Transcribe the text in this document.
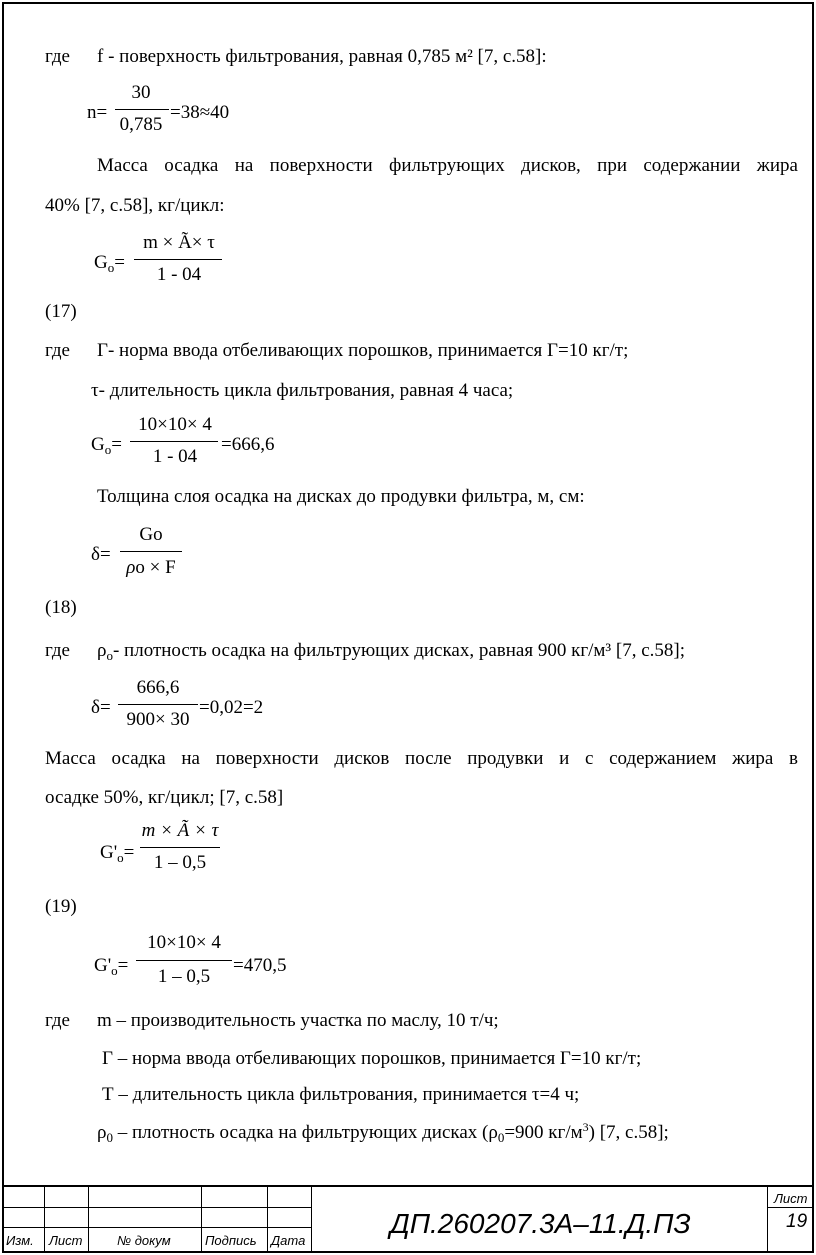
где f - поверхность фильтрования, равная 0,785 м² [7, с.58]:
n=
30
0,785
=38≈40
Масса осадка на поверхности фильтрующих дисков, при содержании жира
40% [7, с.58], кг/цикл:
$G_о=$
m × Ã× τ
1 - 04
(17)
где Г- норма ввода отбеливающих порошков, принимается Г=10 кг/т;
τ- длительность цикла фильтрования, равная 4 часа;
$G_о=$
10×10× 4
1 - 04
=666,6
Толщина слоя осадка на дисках до продувки фильтра, м, см:
δ=
Go
ρo × F
(18)
где $\rho_о-$ плотность осадка на фильтрующих дисках, равная 900 кг/м³ [7, с.58];
δ=
666,6
900× 30
=0,02=2
Масса осадка на поверхности дисков после продувки и с содержанием жира в
осадке 50%, кг/цикл; [7, с.58]
$G'_о=$
m × Ã × τ
1 – 0,5
(19)
$G'_о=$
10×10× 4
1 – 0,5
=470,5
где m – производительность участка по маслу, 10 т/ч;
Г – норма ввода отбеливающих порошков, принимается Г=10 кг/т;
Т – длительность цикла фильтрования, принимается τ=4 ч;
$\rho_0$ – плотность осадка на фильтрующих дисках ($\rho_0=900$ $кг/м^3$) [7, с.58];
Изм. Лист	№ докум	Подпись Дата
ДП.260207.3А–11.Д.ПЗ
Лист
19
